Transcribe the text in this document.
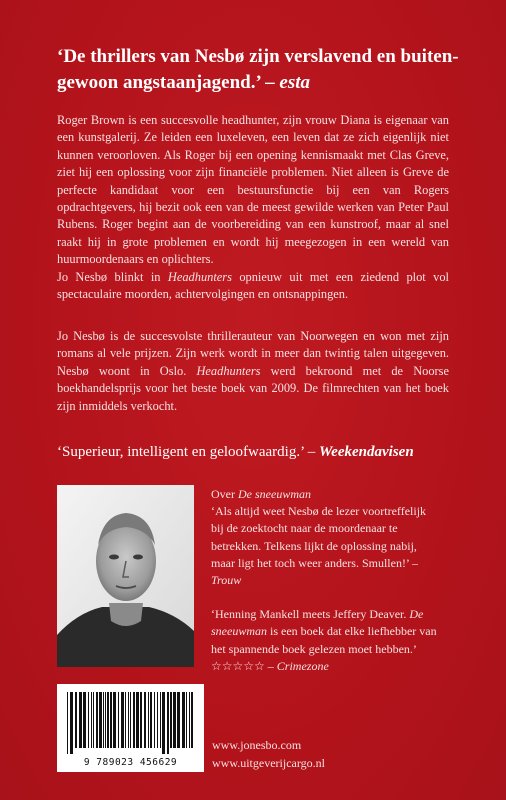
‘De thrillers van Nesbø zijn verslavend en buiten-gewoon angstaanjagend.’ – esta

Roger Brown is een succesvolle headhunter, zijn vrouw Diana is eigenaar van een kunstgalerij. Ze leiden een luxeleven, een leven dat ze zich eigenlijk niet kunnen veroorloven. Als Roger bij een opening kennismaakt met Clas Greve, ziet hij een oplossing voor zijn financiële problemen. Niet alleen is Greve de perfecte kandidaat voor een bestuursfunctie bij een van Rogers opdrachtgevers, hij bezit ook een van de meest gewilde werken van Peter Paul Rubens. Roger begint aan de voorbereiding van een kunstroof, maar al snel raakt hij in grote problemen en wordt hij meegezogen in een wereld van huurmoordenaars en oplichters.

Jo Nesbø blinkt in Headhunters opnieuw uit met een ziedend plot vol spectaculaire moorden, achtervolgingen en ontsnappingen.

Jo Nesbø is de succesvolste thrillerauteur van Noorwegen en won met zijn romans al vele prijzen. Zijn werk wordt in meer dan twintig talen uitgegeven. Nesbø woont in Oslo. Headhunters werd bekroond met de Noorse boekhandelsprijs voor het beste boek van 2009. De filmrechten van het boek zijn inmiddels verkocht.

‘Superieur, intelligent en geloofwaardig.’ – Weekendavisen

Over De sneeuwman

‘Als altijd weet Nesbø de lezer voortreffelijk bij de zoektocht naar de moordenaar te betrekken. Telkens lijkt de oplossing nabij, maar ligt het toch weer anders. Smullen!’ – Trouw

‘Henning Mankell meets Jeffery Deaver. De sneeuwman is een boek dat elke liefhebber van het spannende boek gelezen moet hebben.’ ☆☆☆☆☆ – Crimezone

9 789023 456629
www.jonesbo.com
www.uitgeverijcargo.nl
